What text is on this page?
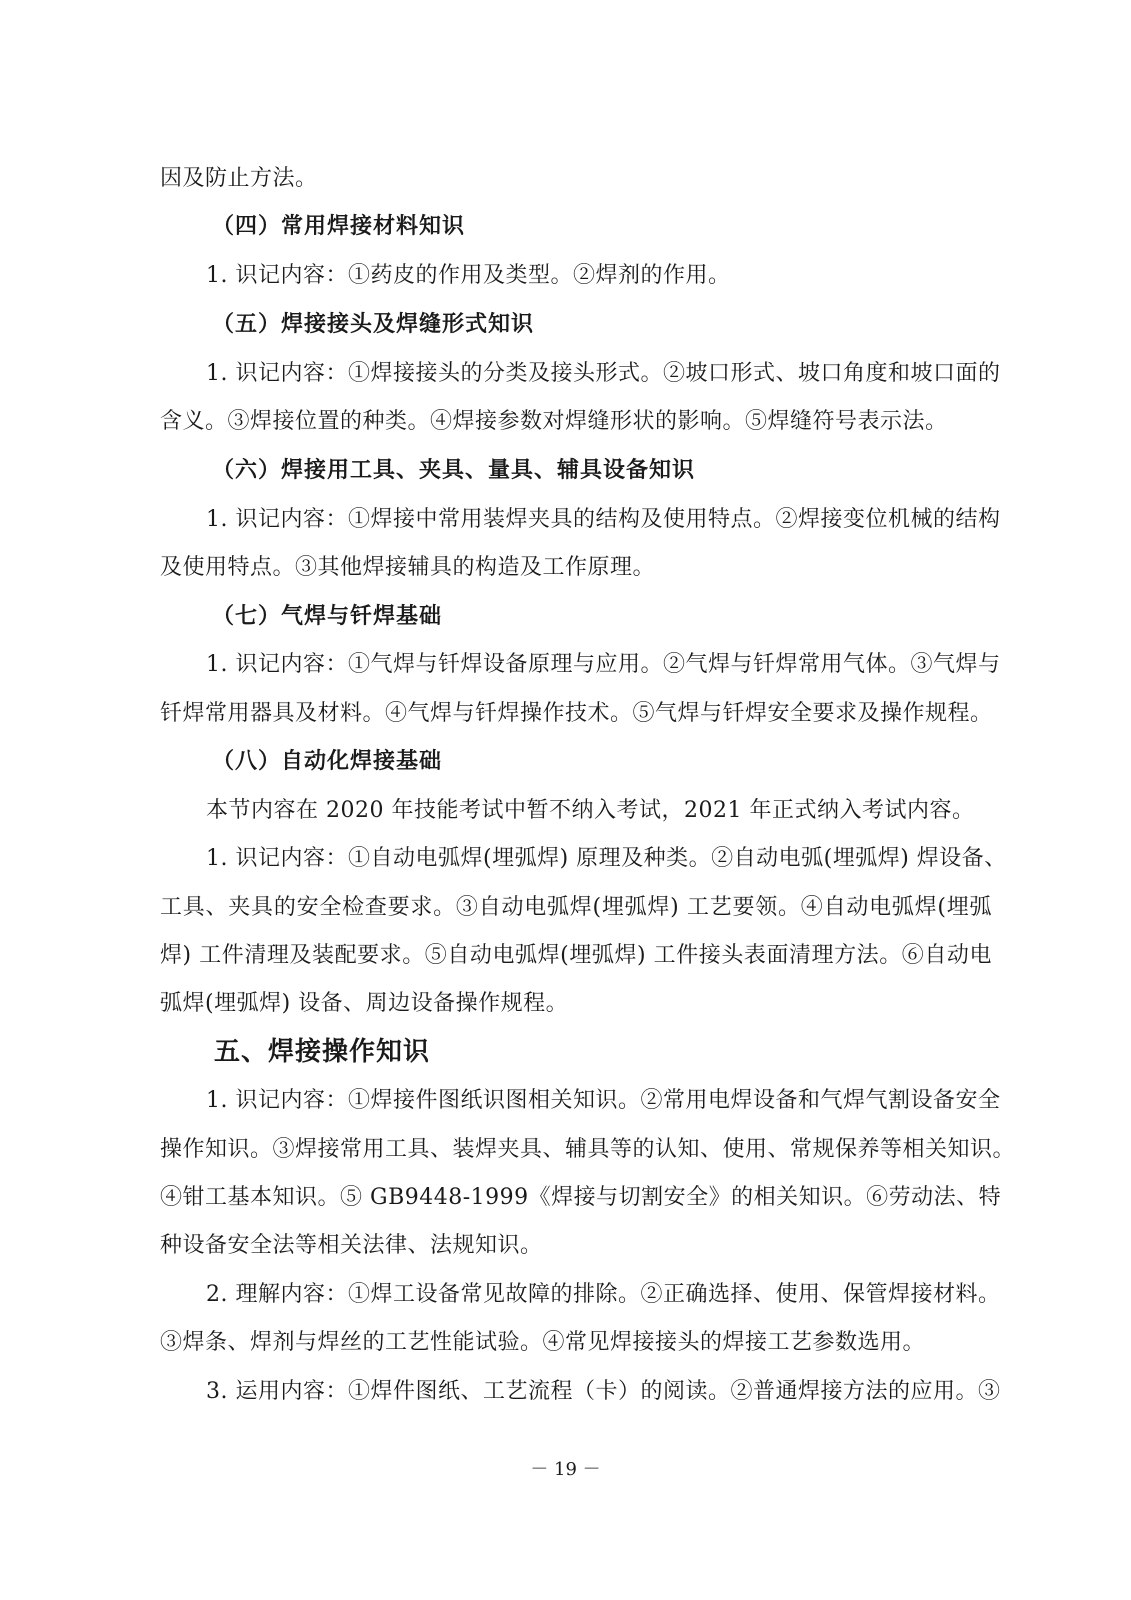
因及防止方法。
（四）常用焊接材料知识
1. 识记内容：①药皮的作用及类型。②焊剂的作用。
（五）焊接接头及焊缝形式知识
1. 识记内容：①焊接接头的分类及接头形式。②坡口形式、坡口角度和坡口面的
含义。③焊接位置的种类。④焊接参数对焊缝形状的影响。⑤焊缝符号表示法。
（六）焊接用工具、夹具、量具、辅具设备知识
1. 识记内容：①焊接中常用装焊夹具的结构及使用特点。②焊接变位机械的结构
及使用特点。③其他焊接辅具的构造及工作原理。
（七）气焊与钎焊基础
1. 识记内容：①气焊与钎焊设备原理与应用。②气焊与钎焊常用气体。③气焊与
钎焊常用器具及材料。④气焊与钎焊操作技术。⑤气焊与钎焊安全要求及操作规程。
（八）自动化焊接基础
本节内容在 2020 年技能考试中暂不纳入考试，2021 年正式纳入考试内容。
1. 识记内容：①自动电弧焊(埋弧焊) 原理及种类。②自动电弧(埋弧焊) 焊设备、
工具、夹具的安全检查要求。③自动电弧焊(埋弧焊) 工艺要领。④自动电弧焊(埋弧
焊) 工件清理及装配要求。⑤自动电弧焊(埋弧焊) 工件接头表面清理方法。⑥自动电
弧焊(埋弧焊) 设备、周边设备操作规程。
五、焊接操作知识
1. 识记内容：①焊接件图纸识图相关知识。②常用电焊设备和气焊气割设备安全
操作知识。③焊接常用工具、装焊夹具、辅具等的认知、使用、常规保养等相关知识。
④钳工基本知识。⑤ GB9448-1999《焊接与切割安全》的相关知识。⑥劳动法、特
种设备安全法等相关法律、法规知识。
2. 理解内容：①焊工设备常见故障的排除。②正确选择、使用、保管焊接材料。
③焊条、焊剂与焊丝的工艺性能试验。④常见焊接接头的焊接工艺参数选用。
3. 运用内容：①焊件图纸、工艺流程（卡）的阅读。②普通焊接方法的应用。③
－ 19 －
